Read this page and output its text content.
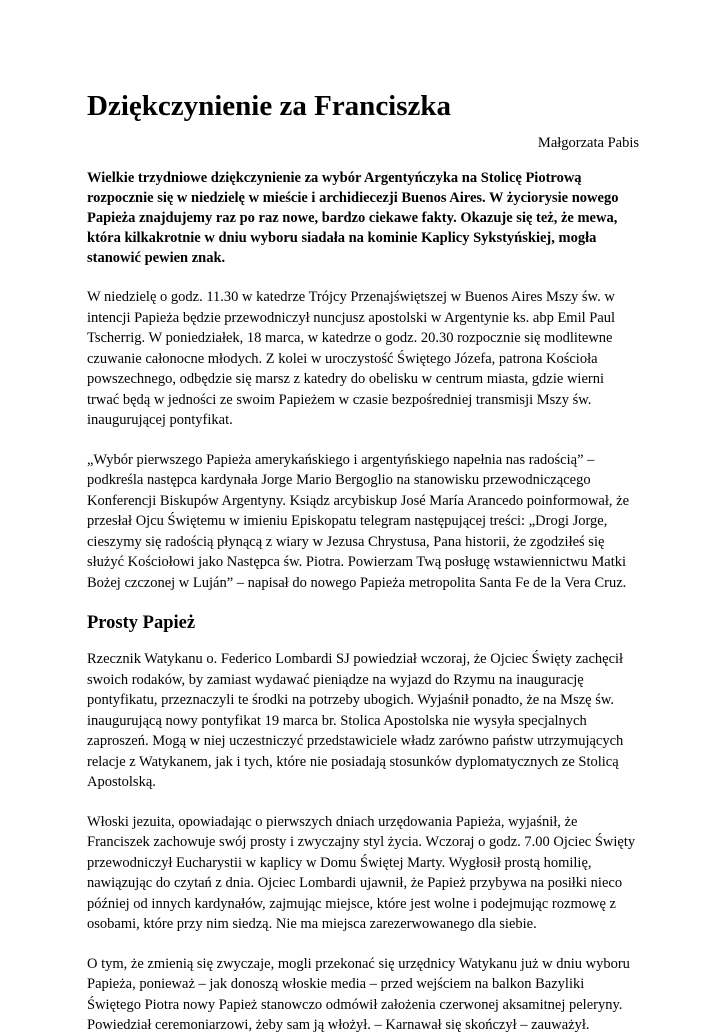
Dziękczynienie za Franciszka
Małgorzata Pabis

Wielkie trzydniowe dziękczynienie za wybór Argentyńczyka na Stolicę Piotrową rozpocznie się w niedzielę w mieście i archidiecezji Buenos Aires. W życiorysie nowego Papieża znajdujemy raz po raz nowe, bardzo ciekawe fakty. Okazuje się też, że mewa, która kilkakrotnie w dniu wyboru siadała na kominie Kaplicy Sykstyńskiej, mogła stanowić pewien znak.

W niedzielę o godz. 11.30 w katedrze Trójcy Przenajświętszej w Buenos Aires Mszy św. w intencji Papieża będzie przewodniczył nuncjusz apostolski w Argentynie ks. abp Emil Paul Tscherrig. W poniedziałek, 18 marca, w katedrze o godz. 20.30 rozpocznie się modlitewne czuwanie całonocne młodych. Z kolei w uroczystość Świętego Józefa, patrona Kościoła powszechnego, odbędzie się marsz z katedry do obelisku w centrum miasta, gdzie wierni trwać będą w jedności ze swoim Papieżem w czasie bezpośredniej transmisji Mszy św. inaugurującej pontyfikat.

„Wybór pierwszego Papieża amerykańskiego i argentyńskiego napełnia nas radością” – podkreśla następca kardynała Jorge Mario Bergoglio na stanowisku przewodniczącego Konferencji Biskupów Argentyny. Ksiądz arcybiskup José María Arancedo poinformował, że przesłał Ojcu Świętemu w imieniu Episkopatu telegram następującej treści: „Drogi Jorge, cieszymy się radością płynącą z wiary w Jezusa Chrystusa, Pana historii, że zgodziłeś się służyć Kościołowi jako Następca św. Piotra. Powierzam Twą posługę wstawiennictwu Matki Bożej czczonej w Luján” – napisał do nowego Papieża metropolita Santa Fe de la Vera Cruz.

Prosty Papież

Rzecznik Watykanu o. Federico Lombardi SJ powiedział wczoraj, że Ojciec Święty zachęcił swoich rodaków, by zamiast wydawać pieniądze na wyjazd do Rzymu na inaugurację pontyfikatu, przeznaczyli te środki na potrzeby ubogich. Wyjaśnił ponadto, że na Mszę św. inaugurującą nowy pontyfikat 19 marca br. Stolica Apostolska nie wysyła specjalnych zaproszeń. Mogą w niej uczestniczyć przedstawiciele władz zarówno państw utrzymujących relacje z Watykanem, jak i tych, które nie posiadają stosunków dyplomatycznych ze Stolicą Apostolską.

Włoski jezuita, opowiadając o pierwszych dniach urzędowania Papieża, wyjaśnił, że Franciszek zachowuje swój prosty i zwyczajny styl życia. Wczoraj o godz. 7.00 Ojciec Święty przewodniczył Eucharystii w kaplicy w Domu Świętej Marty. Wygłosił prostą homilię, nawiązując do czytań z dnia. Ojciec Lombardi ujawnił, że Papież przybywa na posiłki nieco później od innych kardynałów, zajmując miejsce, które jest wolne i podejmując rozmowę z osobami, które przy nim siedzą. Nie ma miejsca zarezerwowanego dla siebie.

O tym, że zmienią się zwyczaje, mogli przekonać się urzędnicy Watykanu już w dniu wyboru Papieża, ponieważ – jak donoszą włoskie media – przed wejściem na balkon Bazyliki Świętego Piotra nowy Papież stanowczo odmówił założenia czerwonej aksamitnej peleryny. Powiedział ceremoniarzowi, żeby sam ją włożył. – Karnawał się skończył – zauważył.
